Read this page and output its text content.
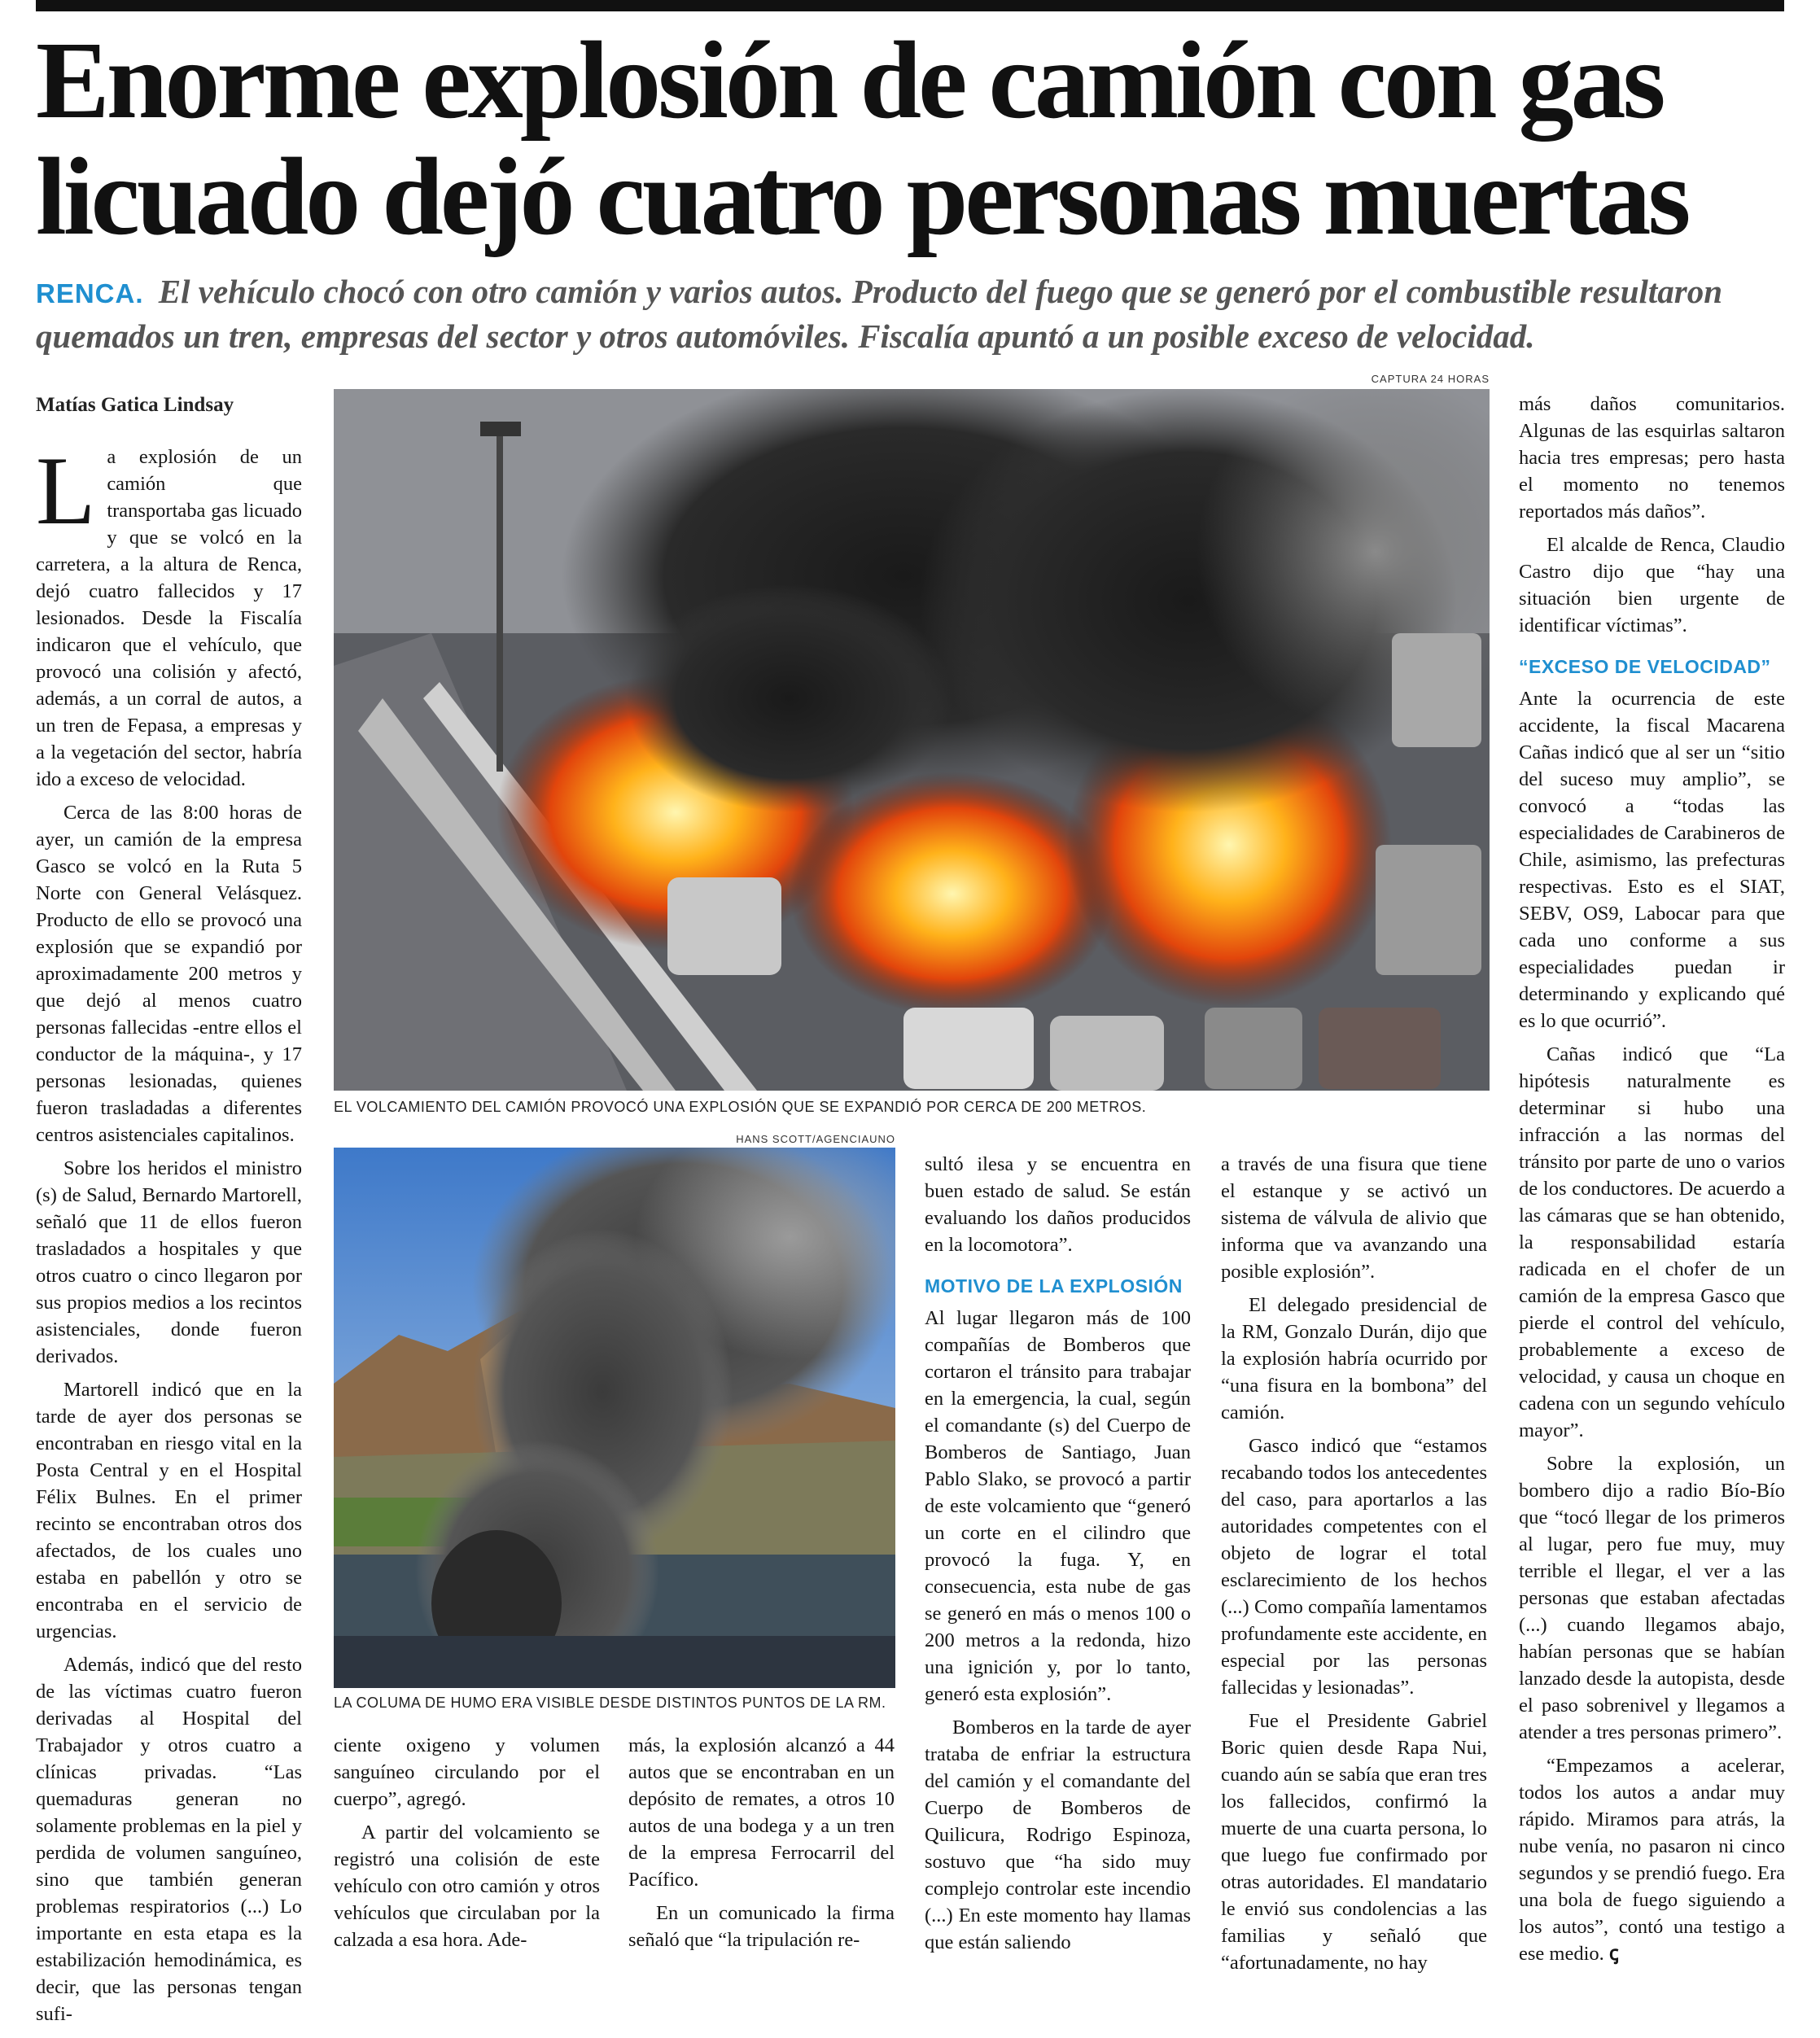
Enorme explosión de camión con gas licuado dejó cuatro personas muertas

RENCA. El vehículo chocó con otro camión y varios autos. Producto del fuego que se generó por el combustible resultaron quemados un tren, empresas del sector y otros automóviles. Fiscalía apuntó a un posible exceso de velocidad.

Matías Gatica Lindsay

La explosión de un camión que transportaba gas licuado y que se volcó en la carretera, a la altura de Renca, dejó cuatro fallecidos y 17 lesionados. Desde la Fiscalía indicaron que el vehículo, que provocó una colisión y afectó, además, a un corral de autos, a un tren de Fepasa, a empresas y a la vegetación del sector, habría ido a exceso de velocidad.

Cerca de las 8:00 horas de ayer, un camión de la empresa Gasco se volcó en la Ruta 5 Norte con General Velásquez. Producto de ello se provocó una explosión que se expandió por aproximadamente 200 metros y que dejó al menos cuatro personas fallecidas -entre ellos el conductor de la máquina-, y 17 personas lesionadas, quienes fueron trasladadas a diferentes centros asistenciales capitalinos.

Sobre los heridos el ministro (s) de Salud, Bernardo Martorell, señaló que 11 de ellos fueron trasladados a hospitales y que otros cuatro o cinco llegaron por sus propios medios a los recintos asistenciales, donde fueron derivados.

Martorell indicó que en la tarde de ayer dos personas se encontraban en riesgo vital en la Posta Central y en el Hospital Félix Bulnes. En el primer recinto se encontraban otros dos afectados, de los cuales uno estaba en pabellón y otro se encontraba en el servicio de urgencias.

Además, indicó que del resto de las víctimas cuatro fueron derivadas al Hospital del Trabajador y otros cuatro a clínicas privadas. “Las quemaduras generan no solamente problemas en la piel y perdida de volumen sanguíneo, sino que también generan problemas respiratorios (...) Lo importante en esta etapa es la estabilización hemodinámica, es decir, que las personas tengan sufi-

CAPTURA 24 HORAS
EL VOLCAMIENTO DEL CAMIÓN PROVOCÓ UNA EXPLOSIÓN QUE SE EXPANDIÓ POR CERCA DE 200 METROS.
HANS SCOTT/AGENCIAUNO
LA COLUMA DE HUMO ERA VISIBLE DESDE DISTINTOS PUNTOS DE LA RM.

ciente oxigeno y volumen sanguíneo circulando por el cuerpo”, agregó.

A partir del volcamiento se registró una colisión de este vehículo con otro camión y otros vehículos que circulaban por la calzada a esa hora. Ade-

más, la explosión alcanzó a 44 autos que se encontraban en un depósito de remates, a otros 10 autos de una bodega y a un tren de la empresa Ferrocarril del Pacífico.

En un comunicado la firma señaló que “la tripulación re-

sultó ilesa y se encuentra en buen estado de salud. Se están evaluando los daños producidos en la locomotora”.

MOTIVO DE LA EXPLOSIÓN

Al lugar llegaron más de 100 compañías de Bomberos que cortaron el tránsito para trabajar en la emergencia, la cual, según el comandante (s) del Cuerpo de Bomberos de Santiago, Juan Pablo Slako, se provocó a partir de este volcamiento que “generó un corte en el cilindro que provocó la fuga. Y, en consecuencia, esta nube de gas se generó en más o menos 100 o 200 metros a la redonda, hizo una ignición y, por lo tanto, generó esta explosión”.

Bomberos en la tarde de ayer trataba de enfriar la estructura del camión y el comandante del Cuerpo de Bomberos de Quilicura, Rodrigo Espinoza, sostuvo que “ha sido muy complejo controlar este incendio (...) En este momento hay llamas que están saliendo

a través de una fisura que tiene el estanque y se activó un sistema de válvula de alivio que informa que va avanzando una posible explosión”.

El delegado presidencial de la RM, Gonzalo Durán, dijo que la explosión habría ocurrido por “una fisura en la bombona” del camión.

Gasco indicó que “estamos recabando todos los antecedentes del caso, para aportarlos a las autoridades competentes con el objeto de lograr el total esclarecimiento de los hechos (...) Como compañía lamentamos profundamente este accidente, en especial por las personas fallecidas y lesionadas”.

Fue el Presidente Gabriel Boric quien desde Rapa Nui, cuando aún se sabía que eran tres los fallecidos, confirmó la muerte de una cuarta persona, lo que luego fue confirmado por otras autoridades. El mandatario le envió sus condolencias a las familias y señaló que “afortunadamente, no hay

más daños comunitarios. Algunas de las esquirlas saltaron hacia tres empresas; pero hasta el momento no tenemos reportados más daños”.

El alcalde de Renca, Claudio Castro dijo que “hay una situación bien urgente de identificar víctimas”.

“EXCESO DE VELOCIDAD”

Ante la ocurrencia de este accidente, la fiscal Macarena Cañas indicó que al ser un “sitio del suceso muy amplio”, se convocó a “todas las especialidades de Carabineros de Chile, asimismo, las prefecturas respectivas. Esto es el SIAT, SEBV, OS9, Labocar para que cada uno conforme a sus especialidades puedan ir determinando y explicando qué es lo que ocurrió”.

Cañas indicó que “La hipótesis naturalmente es determinar si hubo una infracción a las normas del tránsito por parte de uno o varios de los conductores. De acuerdo a las cámaras que se han obtenido, la responsabilidad estaría radicada en el chofer de un camión de la empresa Gasco que pierde el control del vehículo, probablemente a exceso de velocidad, y causa un choque en cadena con un segundo vehículo mayor”.

Sobre la explosión, un bombero dijo a radio Bío-Bío que “tocó llegar de los primeros al lugar, pero fue muy, muy terrible el llegar, el ver a las personas que estaban afectadas (...) cuando llegamos abajo, habían personas que se habían lanzado desde la autopista, desde el paso sobrenivel y llegamos a atender a tres personas primero”.

“Empezamos a acelerar, todos los autos a andar muy rápido. Miramos para atrás, la nube venía, no pasaron ni cinco segundos y se prendió fuego. Era una bola de fuego siguiendo a los autos”, contó una testigo a ese medio. ꞔ
